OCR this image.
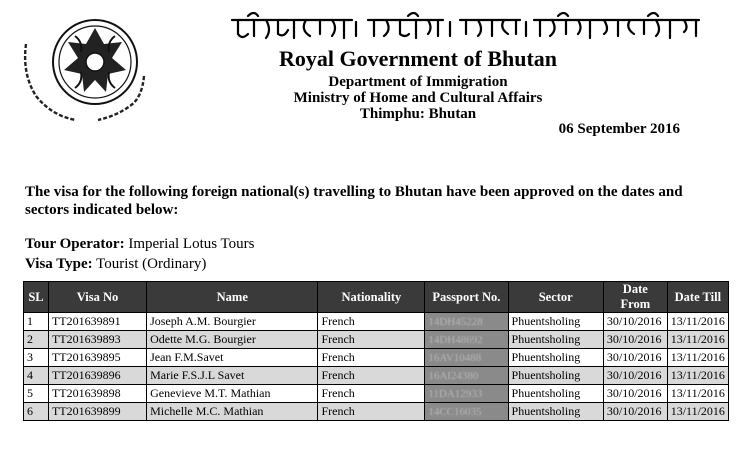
Royal Government of Bhutan
Department of Immigration
Ministry of Home and Cultural Affairs
Thimphu: Bhutan
06 September 2016
The visa for the following foreign national(s) travelling to Bhutan have been approved on the dates and sectors indicated below:
Tour Operator: Imperial Lotus Tours
Visa Type: Tourist (Ordinary)
SL	Visa No	Name	Nationality	Passport No.	Sector	Date From	Date Till
1	TT201639891	Joseph A.M. Bourgier	French	14DH45228	Phuentsholing	30/10/2016	13/11/2016
2	TT201639893	Odette M.G. Bourgier	French	14DH48692	Phuentsholing	30/10/2016	13/11/2016
3	TT201639895	Jean F.M.Savet	French	16AV10488	Phuentsholing	30/10/2016	13/11/2016
4	TT201639896	Marie F.S.J.L Savet	French	16AI24380	Phuentsholing	30/10/2016	13/11/2016
5	TT201639898	Genevieve M.T. Mathian	French	11DA12933	Phuentsholing	30/10/2016	13/11/2016
6	TT201639899	Michelle M.C. Mathian	French	14CC16035	Phuentsholing	30/10/2016	13/11/2016
